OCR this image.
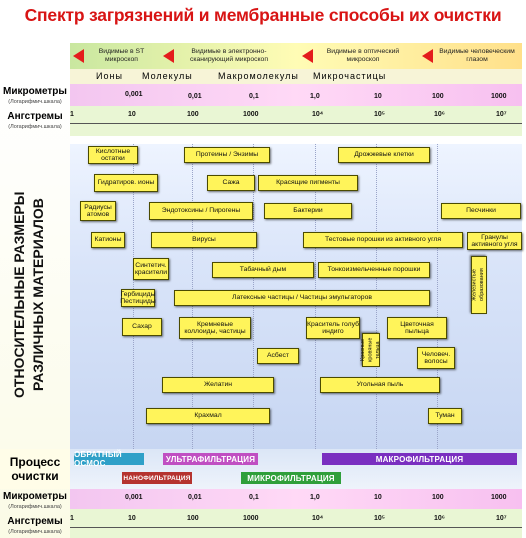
Спектр загрязнений и мембранные способы их очистки
Видимые в ST микроскоп
Видимые в электронно-сканирующий микроскоп
Видимые в оптический микроскоп
Видимые человеческим глазом
Ионы Молекулы	Макромолекулы Микрочастицы
Микрометры
(Логарифмич.шкала)
0,001	0,01	0,1	1,0	10	100	1000
Ангстремы
(Логарифмич.шкала)
1	10	100	1000	10⁴	10⁵	10⁶	10⁷
ОТНОСИТЕЛЬНЫЕ РАЗМЕРЫ РАЗЛИЧНЫХ МАТЕРИАЛОВ
Кислотные остатки
Протеины / Энзимы	Дрожжевые клетки
Гидратиров. ионы	Сажа	Красящие пигменты
Радиусы атомов
Эндотоксины / Пирогены	Бактерии	Песчинки
Катионы	Вирусы	Тестовые порошки из активного угля	Гранулы активного угля
Синтетич. красители	Табачный дым	Тонкоизмельченные порошки	Железистые образования
Гербициды Пестициды
Латексные частицы / Частицы эмульгаторов
Сахар	Кремневые коллоиды, частицы
Краситель голуб индиго
Красные кровяные тельца
Цветочная пыльца
Асбест	Человеч. волосы
Желатин	Угольная пыль
Крахмал	Туман
Процесс очистки
ОБРАТНЫЙ ОСМОС	УЛЬТРАФИЛЬТРАЦИЯ	МАКРОФИЛЬТРАЦИЯ
НАНОФИЛЬТРАЦИЯ	МИКРОФИЛЬТРАЦИЯ
Микрометры
(Логарифмич.шкала)
0,001	0,01	0,1	1,0	10	100	1000
Ангстремы
(Логарифмич.шкала)
1	10	100	1000	10⁴	10⁵	10⁶	10⁷
